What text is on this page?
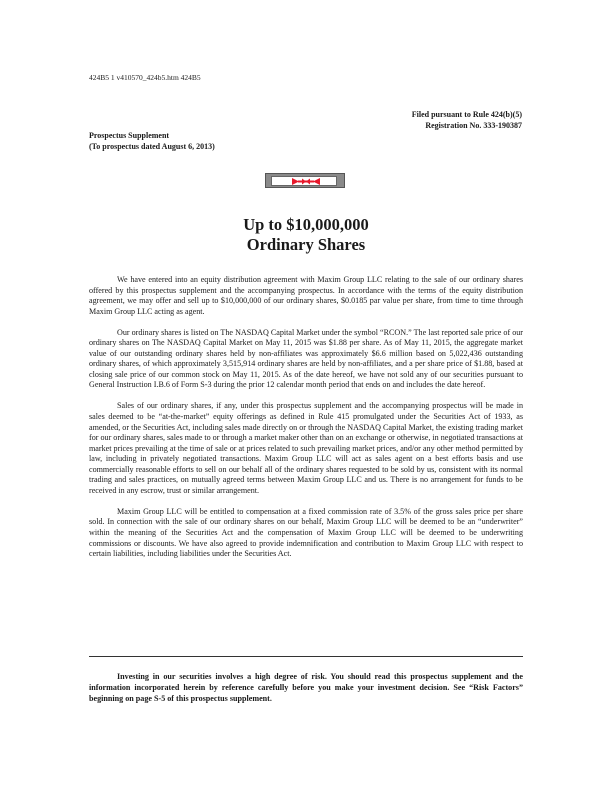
424B5 1 v410570_424b5.htm 424B5
Filed pursuant to Rule 424(b)(5)
Registration No. 333-190387
Prospectus Supplement
(To prospectus dated August 6, 2013)
Up to $10,000,000
Ordinary Shares

We have entered into an equity distribution agreement with Maxim Group LLC relating to the sale of our ordinary shares offered by this prospectus supplement and the accompanying prospectus. In accordance with the terms of the equity distribution agreement, we may offer and sell up to $10,000,000 of our ordinary shares, $0.0185 par value per share, from time to time through Maxim Group LLC acting as agent.

Our ordinary shares is listed on The NASDAQ Capital Market under the symbol “RCON.” The last reported sale price of our ordinary shares on The NASDAQ Capital Market on May 11, 2015 was $1.88 per share. As of May 11, 2015, the aggregate market value of our outstanding ordinary shares held by non-affiliates was approximately $6.6 million based on 5,022,436 outstanding ordinary shares, of which approximately 3,515,914 ordinary shares are held by non-affiliates, and a per share price of $1.88, based at closing sale price of our common stock on May 11, 2015. As of the date hereof, we have not sold any of our securities pursuant to General Instruction I.B.6 of Form S-3 during the prior 12 calendar month period that ends on and includes the date hereof.

Sales of our ordinary shares, if any, under this prospectus supplement and the accompanying prospectus will be made in sales deemed to be “at-the-market” equity offerings as defined in Rule 415 promulgated under the Securities Act of 1933, as amended, or the Securities Act, including sales made directly on or through the NASDAQ Capital Market, the existing trading market for our ordinary shares, sales made to or through a market maker other than on an exchange or otherwise, in negotiated transactions at market prices prevailing at the time of sale or at prices related to such prevailing market prices, and/or any other method permitted by law, including in privately negotiated transactions. Maxim Group LLC will act as sales agent on a best efforts basis and use commercially reasonable efforts to sell on our behalf all of the ordinary shares requested to be sold by us, consistent with its normal trading and sales practices, on mutually agreed terms between Maxim Group LLC and us. There is no arrangement for funds to be received in any escrow, trust or similar arrangement.

Maxim Group LLC will be entitled to compensation at a fixed commission rate of 3.5% of the gross sales price per share sold. In connection with the sale of our ordinary shares on our behalf, Maxim Group LLC will be deemed to be an “underwriter” within the meaning of the Securities Act and the compensation of Maxim Group LLC will be deemed to be underwriting commissions or discounts. We have also agreed to provide indemnification and contribution to Maxim Group LLC with respect to certain liabilities, including liabilities under the Securities Act.

Investing in our securities involves a high degree of risk. You should read this prospectus supplement and the information incorporated herein by reference carefully before you make your investment decision. See “Risk Factors” beginning on page S-5 of this prospectus supplement.
